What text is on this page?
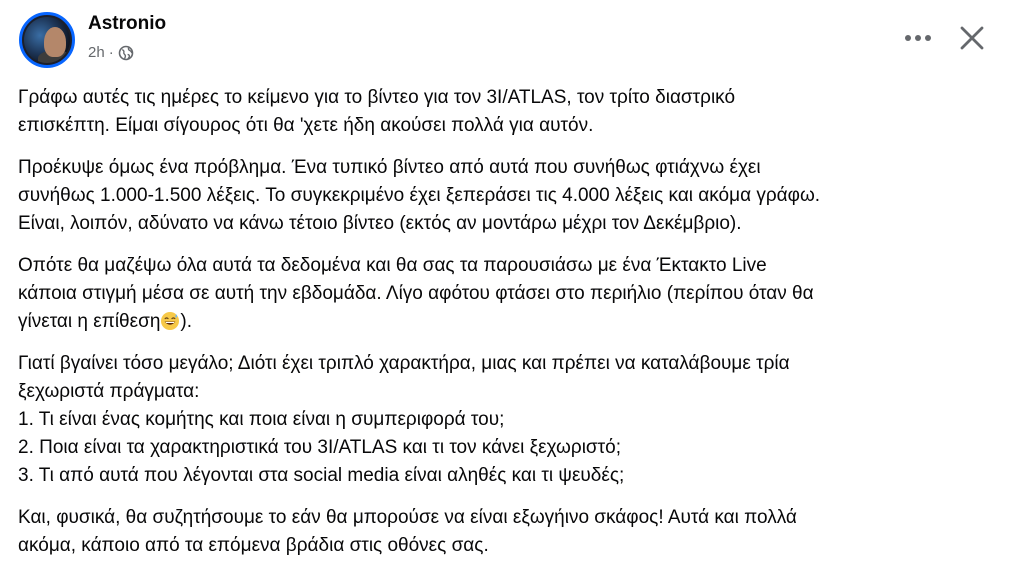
Astronio
2h ·

Γράφω αυτές τις ημέρες το κείμενο για το βίντεο για τον 3I/ATLAS, τον τρίτο διαστρικό
επισκέπτη. Είμαι σίγουρος ότι θα 'χετε ήδη ακούσει πολλά για αυτόν.

Προέκυψε όμως ένα πρόβλημα. Ένα τυπικό βίντεο από αυτά που συνήθως φτιάχνω έχει
συνήθως 1.000-1.500 λέξεις. Το συγκεκριμένο έχει ξεπεράσει τις 4.000 λέξεις και ακόμα γράφω.
Είναι, λοιπόν, αδύνατο να κάνω τέτοιο βίντεο (εκτός αν μοντάρω μέχρι τον Δεκέμβριο).

Οπότε θα μαζέψω όλα αυτά τα δεδομένα και θα σας τα παρουσιάσω με ένα Έκτακτο Live
κάποια στιγμή μέσα σε αυτή την εβδομάδα. Λίγο αφότου φτάσει στο περιήλιο (περίπου όταν θα
γίνεται η επίθεση ).

Γιατί βγαίνει τόσο μεγάλο; Διότι έχει τριπλό χαρακτήρα, μιας και πρέπει να καταλάβουμε τρία
ξεχωριστά πράγματα:
1. Τι είναι ένας κομήτης και ποια είναι η συμπεριφορά του;
2. Ποια είναι τα χαρακτηριστικά του 3I/ATLAS και τι τον κάνει ξεχωριστό;
3. Τι από αυτά που λέγονται στα social media είναι αληθές και τι ψευδές;

Και, φυσικά, θα συζητήσουμε το εάν θα μπορούσε να είναι εξωγήινο σκάφος! Αυτά και πολλά
ακόμα, κάποιο από τα επόμενα βράδια στις οθόνες σας.
